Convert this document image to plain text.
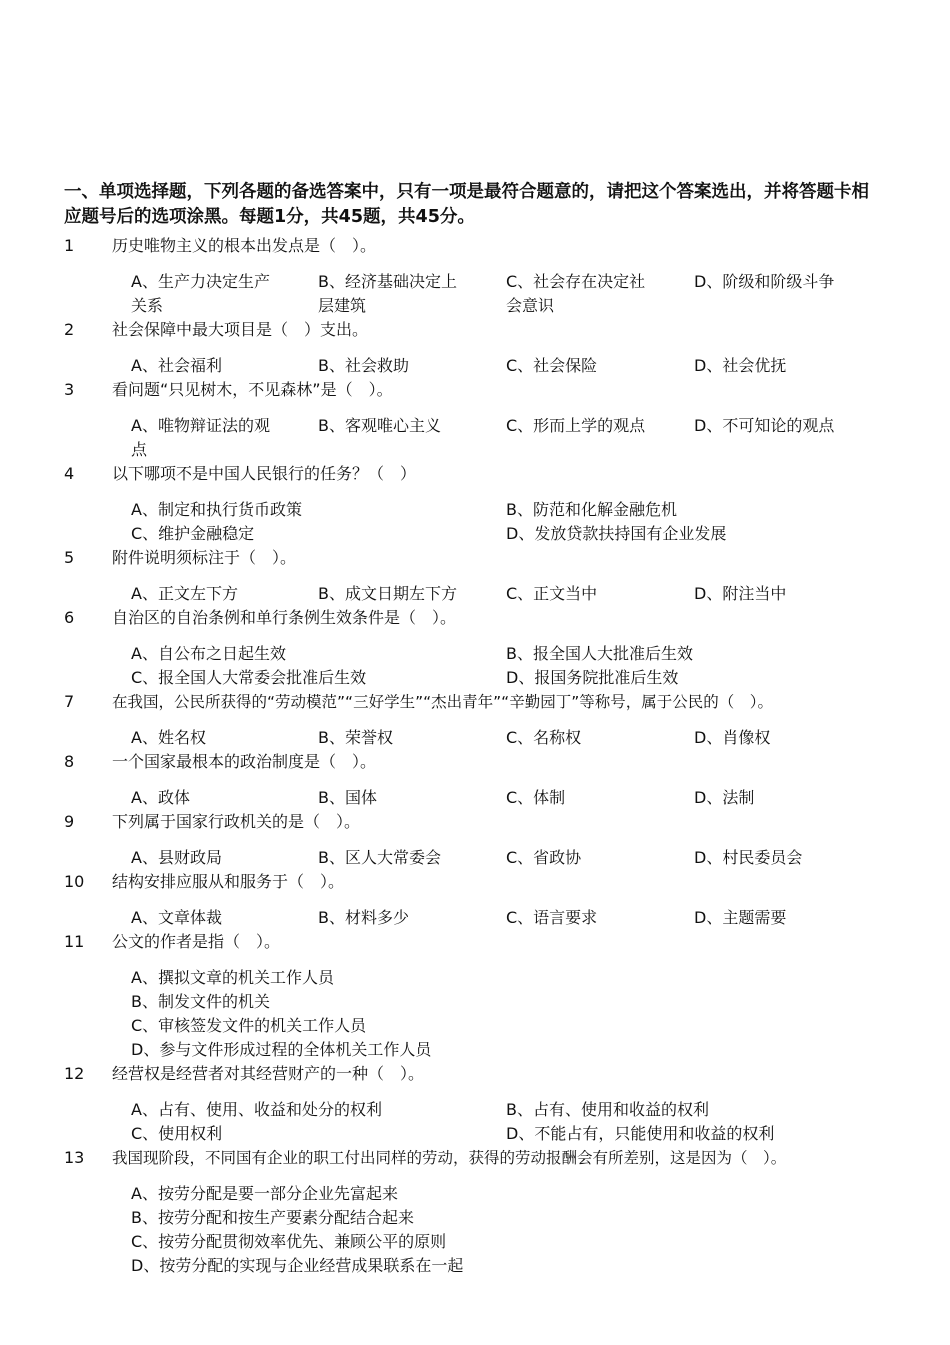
一、单项选择题，下列各题的备选答案中，只有一项是最符合题意的，请把这个答案选出，并将答题卡相应题号后的选项涂黑。每题1分，共45题，共45分。
1 历史唯物主义的根本出发点是（　）。
A、生产力决定生产关系
B、经济基础决定上层建筑
C、社会存在决定社会意识
D、阶级和阶级斗争
2 社会保障中最大项目是（　）支出。
A、社会福利	B、社会救助	C、社会保险	D、社会优抚
3 看问题“只见树木，不见森林”是（　）。
A、唯物辩证法的观点
B、客观唯心主义	C、形而上学的观点	D、不可知论的观点
4 以下哪项不是中国人民银行的任务？（　）
A、制定和执行货币政策	B、防范和化解金融危机
C、维护金融稳定	D、发放贷款扶持国有企业发展
5 附件说明须标注于（　）。
A、正文左下方	B、成文日期左下方	C、正文当中	D、附注当中
6 自治区的自治条例和单行条例生效条件是（　）。
A、自公布之日起生效	B、报全国人大批准后生效
C、报全国人大常委会批准后生效	D、报国务院批准后生效
7 在我国，公民所获得的“劳动模范”“三好学生”“杰出青年”“辛勤园丁”等称号，属于公民的（　）。
A、姓名权	B、荣誉权	C、名称权	D、肖像权
8 一个国家最根本的政治制度是（　）。
A、政体	B、国体	C、体制	D、法制
9 下列属于国家行政机关的是（　）。
A、县财政局	B、区人大常委会	C、省政协	D、村民委员会
10 结构安排应服从和服务于（　）。
A、文章体裁	B、材料多少	C、语言要求	D、主题需要
11 公文的作者是指（　）。
A、撰拟文章的机关工作人员
B、制发文件的机关
C、审核签发文件的机关工作人员
D、参与文件形成过程的全体机关工作人员
12 经营权是经营者对其经营财产的一种（　）。
A、占有、使用、收益和处分的权利	B、占有、使用和收益的权利
C、使用权利	D、不能占有，只能使用和收益的权利
13 我国现阶段，不同国有企业的职工付出同样的劳动，获得的劳动报酬会有所差别，这是因为（　）。
A、按劳分配是要一部分企业先富起来
B、按劳分配和按生产要素分配结合起来
C、按劳分配贯彻效率优先、兼顾公平的原则
D、按劳分配的实现与企业经营成果联系在一起
